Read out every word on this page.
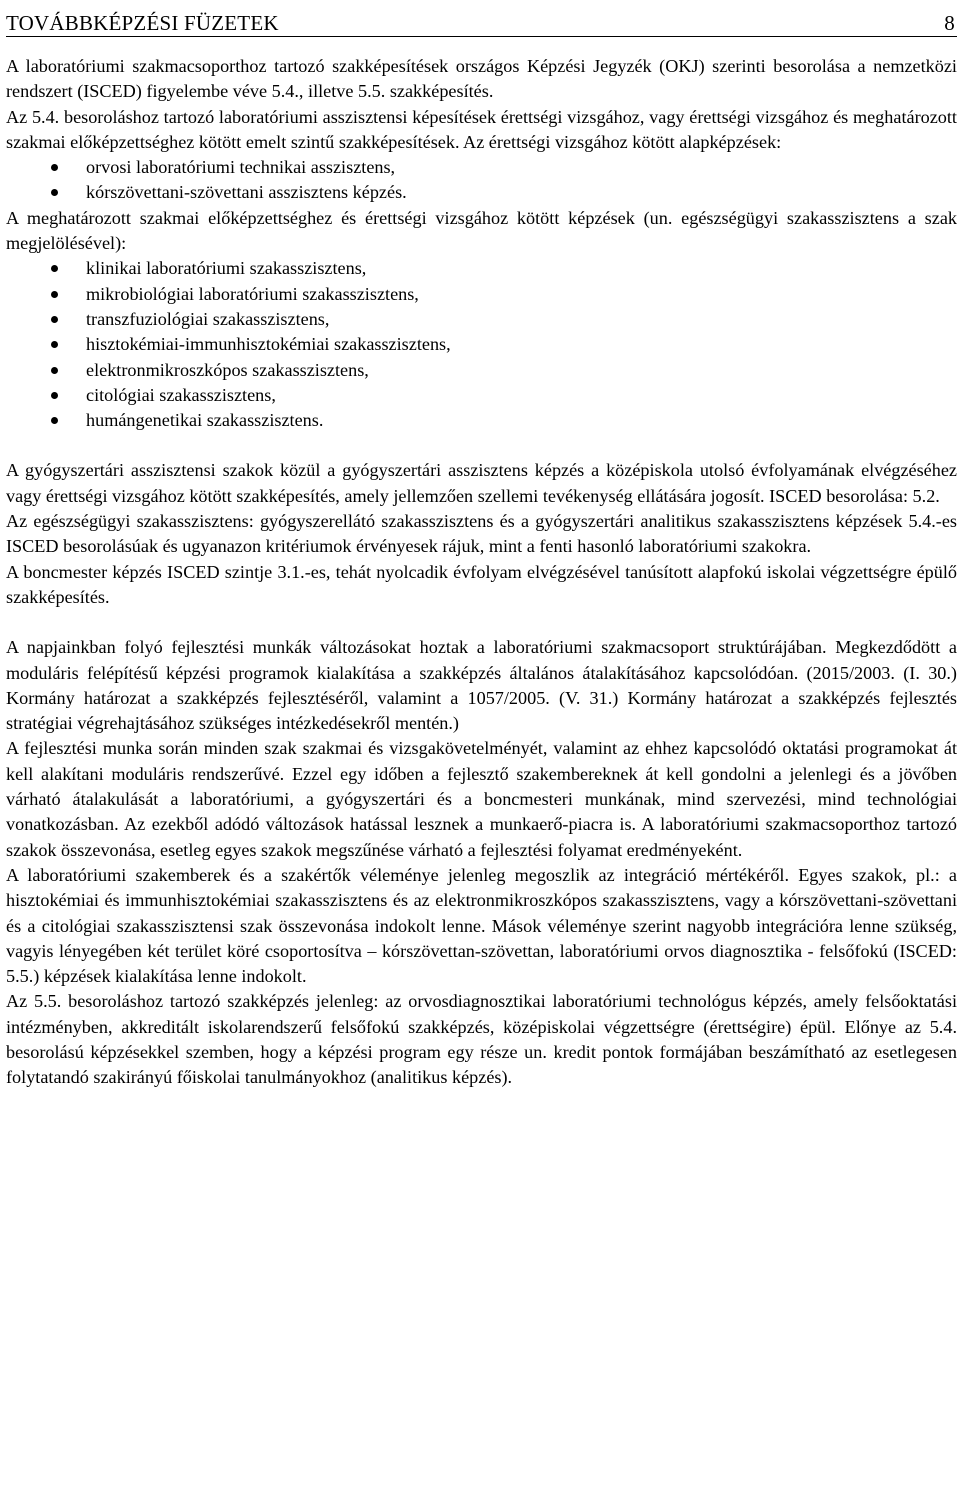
TOVÁBBKÉPZÉSI FÜZETEK	8

A laboratóriumi szakmacsoporthoz tartozó szakképesítések országos Képzési Jegyzék (OKJ) szerinti besorolása a nemzetközi rendszert (ISCED) figyelembe véve 5.4., illetve 5.5. szakképesítés.

Az 5.4. besoroláshoz tartozó laboratóriumi asszisztensi képesítések érettségi vizsgához, vagy érettségi vizsgához és meghatározott szakmai előképzettséghez kötött emelt szintű szakképesítések. Az érettségi vizsgához kötött alapképzések:

orvosi laboratóriumi technikai asszisztens,
kórszövettani-szövettani asszisztens képzés.

A meghatározott szakmai előképzettséghez és érettségi vizsgához kötött képzések (un. egészségügyi szakasszisztens a szak megjelölésével):

klinikai laboratóriumi szakasszisztens,
mikrobiológiai laboratóriumi szakasszisztens,
transzfuziológiai szakasszisztens,
hisztokémiai-immunhisztokémiai szakasszisztens,
elektronmikroszkópos szakasszisztens,
citológiai szakasszisztens,
humángenetikai szakasszisztens.

A gyógyszertári asszisztensi szakok közül a gyógyszertári asszisztens képzés a középiskola utolsó évfolyamának elvégzéséhez vagy érettségi vizsgához kötött szakképesítés, amely jellemzően szellemi tevékenység ellátására jogosít. ISCED besorolása: 5.2.

Az egészségügyi szakasszisztens: gyógyszerellátó szakasszisztens és a gyógyszertári analitikus szakasszisztens képzések 5.4.-es ISCED besorolásúak és ugyanazon kritériumok érvényesek rájuk, mint a fenti hasonló laboratóriumi szakokra.

A boncmester képzés ISCED szintje 3.1.-es, tehát nyolcadik évfolyam elvégzésével tanúsított alapfokú iskolai végzettségre épülő szakképesítés.

A napjainkban folyó fejlesztési munkák változásokat hoztak a laboratóriumi szakmacsoport struktúrájában. Megkezdődött a moduláris felépítésű képzési programok kialakítása a szakképzés általános átalakításához kapcsolódóan. (2015/2003. (I. 30.) Kormány határozat a szakképzés fejlesztéséről, valamint a 1057/2005. (V. 31.) Kormány határozat a szakképzés fejlesztés stratégiai végrehajtásához szükséges intézkedésekről mentén.)

A fejlesztési munka során minden szak szakmai és vizsgakövetelményét, valamint az ehhez kapcsolódó oktatási programokat át kell alakítani moduláris rendszerűvé. Ezzel egy időben a fejlesztő szakembereknek át kell gondolni a jelenlegi és a jövőben várható átalakulását a laboratóriumi, a gyógyszertári és a boncmesteri munkának, mind szervezési, mind technológiai vonatkozásban. Az ezekből adódó változások hatással lesznek a munkaerő-piacra is. A laboratóriumi szakmacsoporthoz tartozó szakok összevonása, esetleg egyes szakok megszűnése várható a fejlesztési folyamat eredményeként.

A laboratóriumi szakemberek és a szakértők véleménye jelenleg megoszlik az integráció mértékéről. Egyes szakok, pl.: a hisztokémiai és immunhisztokémiai szakasszisztens és az elektronmikroszkópos szakasszisztens, vagy a kórszövettani-szövettani és a citológiai szakasszisztensi szak összevonása indokolt lenne. Mások véleménye szerint nagyobb integrációra lenne szükség, vagyis lényegében két terület köré csoportosítva – kórszövettan-szövettan, laboratóriumi orvos diagnosztika - felsőfokú (ISCED: 5.5.) képzések kialakítása lenne indokolt.

Az 5.5. besoroláshoz tartozó szakképzés jelenleg: az orvosdiagnosztikai laboratóriumi technológus képzés, amely felsőoktatási intézményben, akkreditált iskolarendszerű felsőfokú szakképzés, középiskolai végzettségre (érettségire) épül. Előnye az 5.4. besorolású képzésekkel szemben, hogy a képzési program egy része un. kredit pontok formájában beszámítható az esetlegesen folytatandó szakirányú főiskolai tanulmányokhoz (analitikus képzés).
